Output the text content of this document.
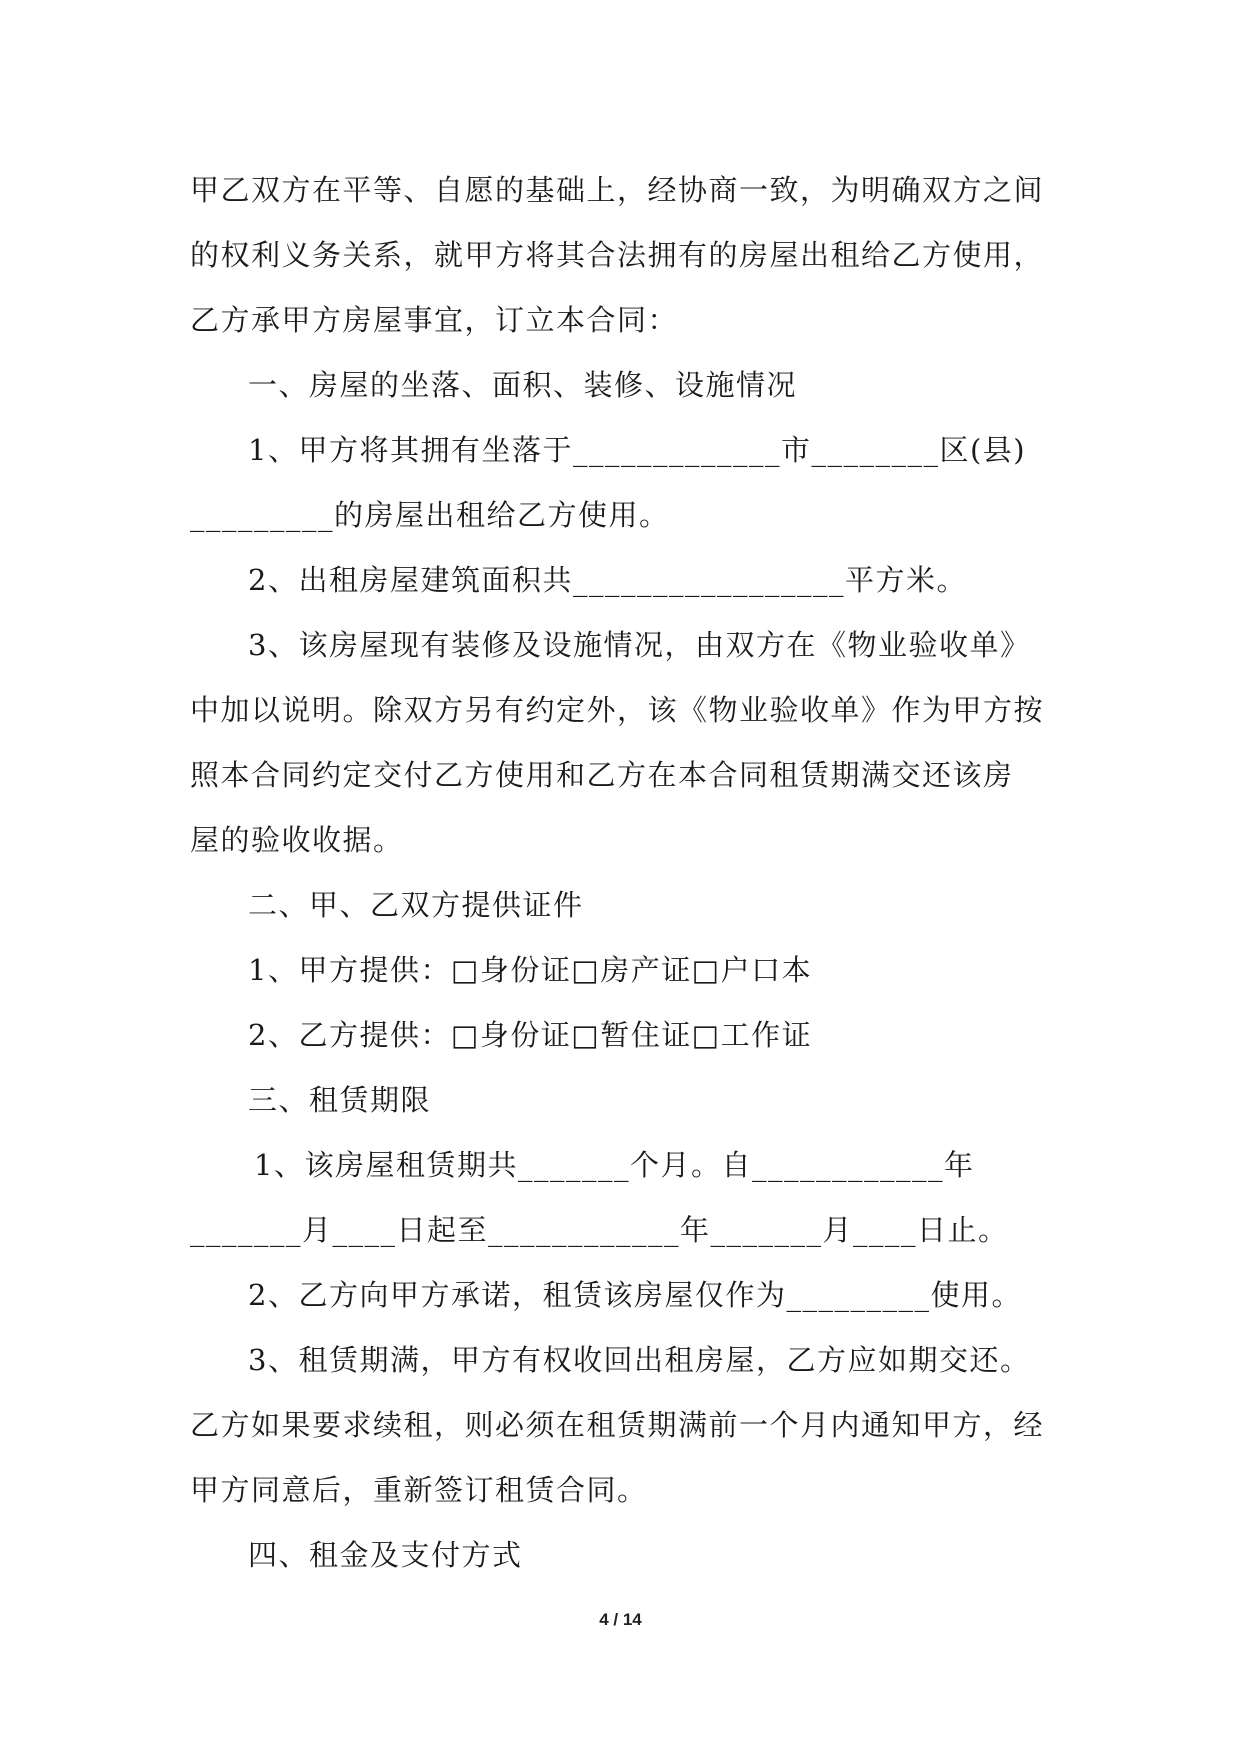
甲乙双方在平等、自愿的基础上，经协商一致，为明确双方之间
的权利义务关系，就甲方将其合法拥有的房屋出租给乙方使用，
乙方承甲方房屋事宜，订立本合同：
一、房屋的坐落、面积、装修、设施情况
1、甲方将其拥有坐落于_____________市________区(县)
_________的房屋出租给乙方使用。
2、出租房屋建筑面积共_________________平方米。
3、该房屋现有装修及设施情况，由双方在《物业验收单》
中加以说明。除双方另有约定外，该《物业验收单》作为甲方按
照本合同约定交付乙方使用和乙方在本合同租赁期满交还该房
屋的验收收据。
二、甲、乙双方提供证件
1、甲方提供：□身份证□房产证□户口本
2、乙方提供：□身份证□暂住证□工作证
三、租赁期限
1、该房屋租赁期共_______个月。自____________年
_______月____日起至____________年_______月____日止。
2、乙方向甲方承诺，租赁该房屋仅作为_________使用。
3、租赁期满，甲方有权收回出租房屋，乙方应如期交还。
乙方如果要求续租，则必须在租赁期满前一个月内通知甲方，经
甲方同意后，重新签订租赁合同。
四、租金及支付方式
4 / 14
